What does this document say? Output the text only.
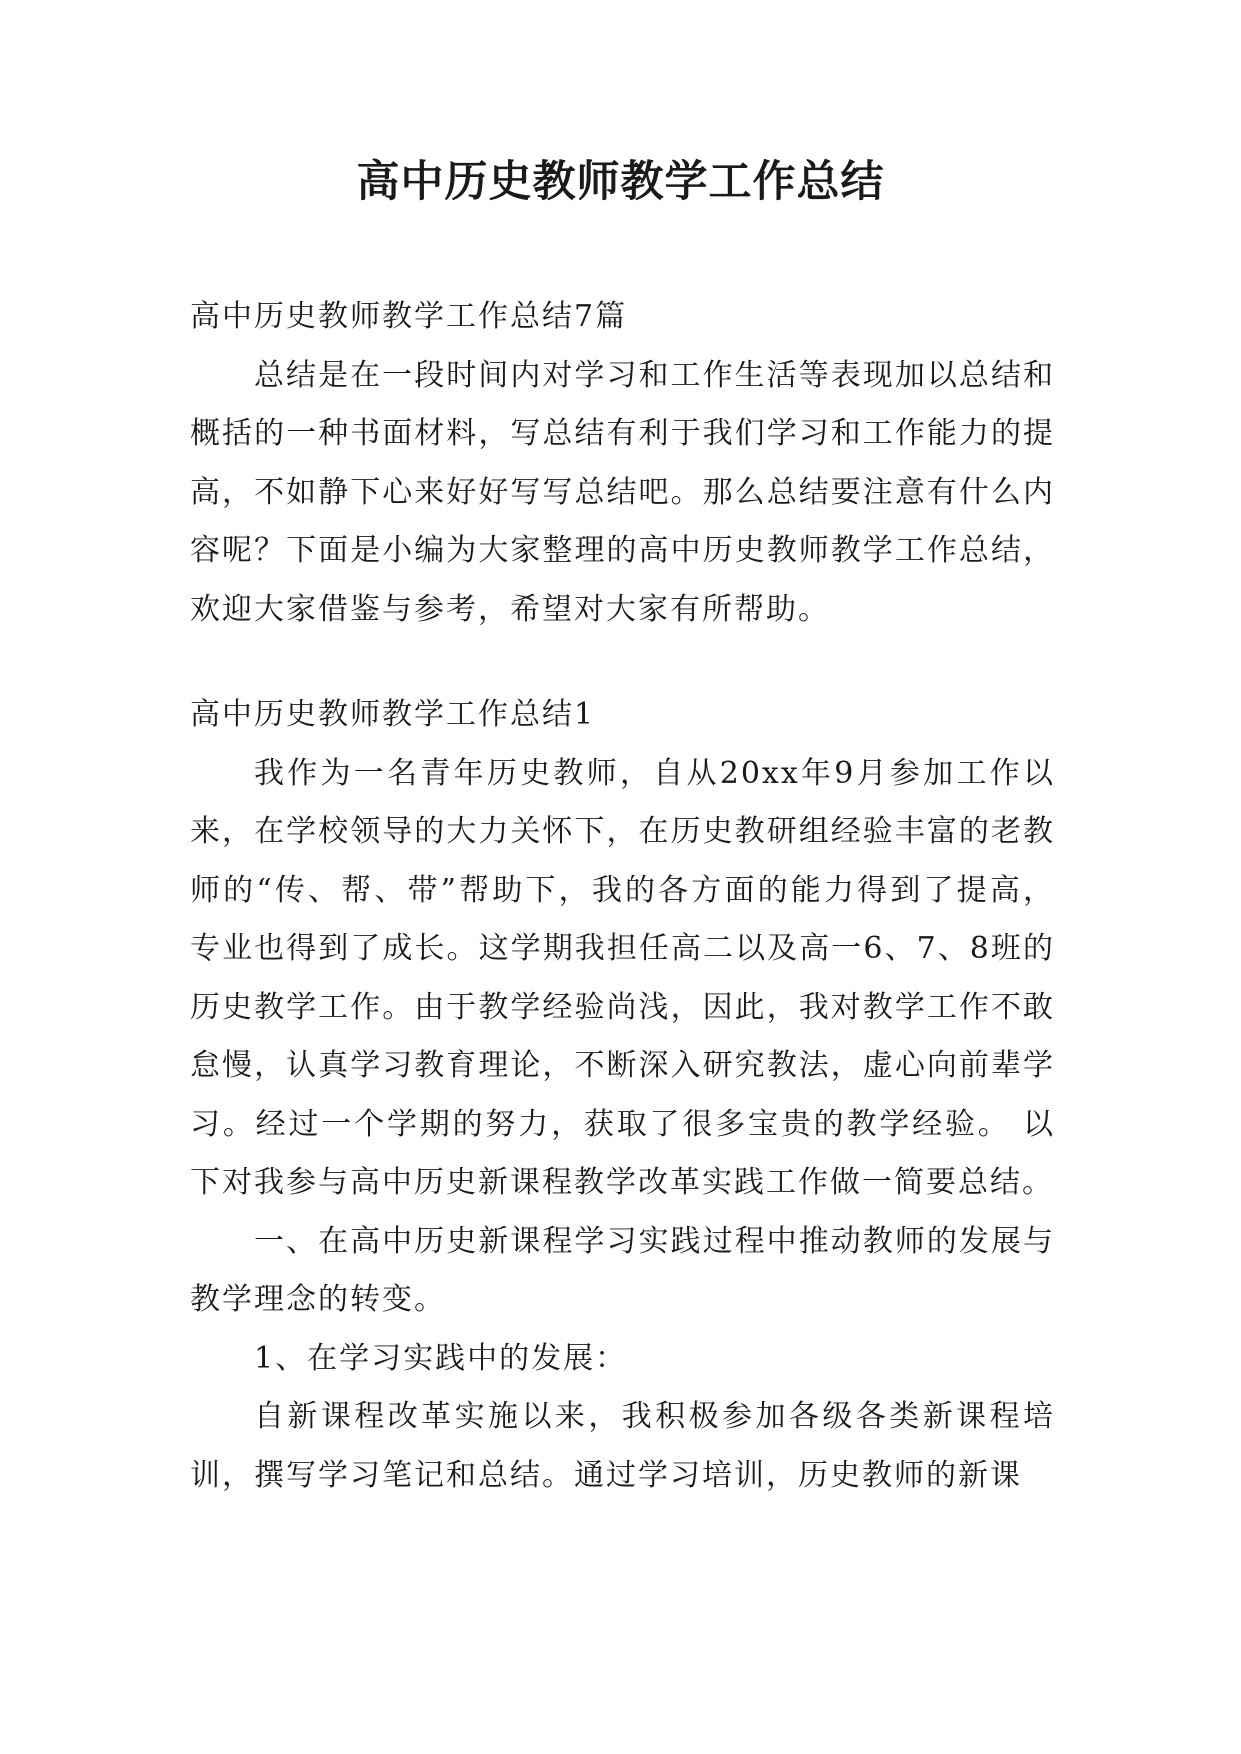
高中历史教师教学工作总结

高中历史教师教学工作总结7篇

总结是在一段时间内对学习和工作生活等表现加以总结和概括的一种书面材料，写总结有利于我们学习和工作能力的提高，不如静下心来好好写写总结吧。那么总结要注意有什么内容呢？下面是小编为大家整理的高中历史教师教学工作总结，欢迎大家借鉴与参考，希望对大家有所帮助。

高中历史教师教学工作总结1

我作为一名青年历史教师，自从20xx年9月参加工作以来，在学校领导的大力关怀下，在历史教研组经验丰富的老教师的“传、帮、带”帮助下，我的各方面的能力得到了提高，专业也得到了成长。这学期我担任高二以及高一6、7、8班的历史教学工作。由于教学经验尚浅，因此，我对教学工作不敢怠慢，认真学习教育理论，不断深入研究教法，虚心向前辈学习。经过一个学期的努力，获取了很多宝贵的教学经验。 以下对我参与高中历史新课程教学改革实践工作做一简要总结。

一、在高中历史新课程学习实践过程中推动教师的发展与教学理念的转变。

1、在学习实践中的发展：

自新课程改革实施以来，我积极参加各级各类新课程培训，撰写学习笔记和总结。通过学习培训，历史教师的新课
